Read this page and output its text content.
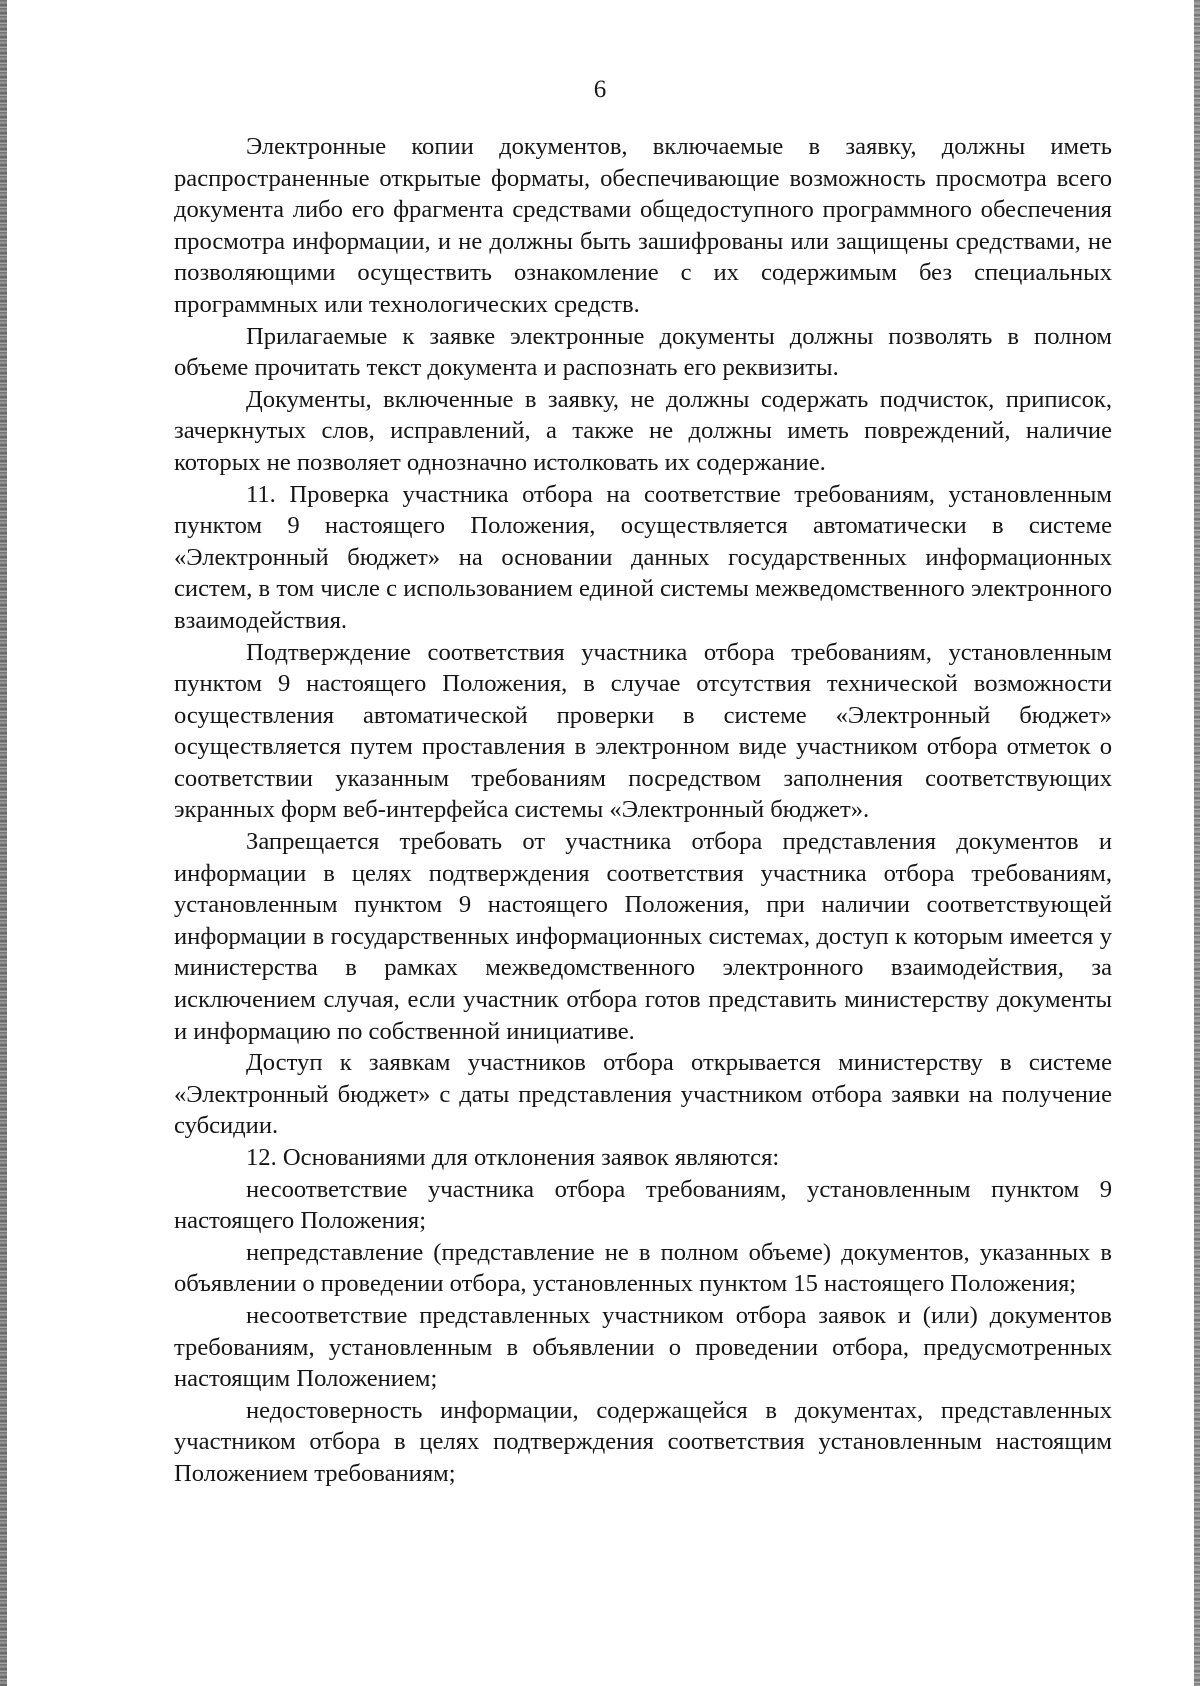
6

Электронные копии документов, включаемые в заявку, должны иметь распространенные открытые форматы, обеспечивающие возможность просмотра всего документа либо его фрагмента средствами общедоступного программного обеспечения просмотра информации, и не должны быть зашифрованы или защищены средствами, не позволяющими осуществить ознакомление с их содержимым без специальных программных или технологических средств.

Прилагаемые к заявке электронные документы должны позволять в полном объеме прочитать текст документа и распознать его реквизиты.

Документы, включенные в заявку, не должны содержать подчисток, приписок, зачеркнутых слов, исправлений, а также не должны иметь повреждений, наличие которых не позволяет однозначно истолковать их содержание.

11. Проверка участника отбора на соответствие требованиям, установленным пунктом 9 настоящего Положения, осуществляется автоматически в системе «Электронный бюджет» на основании данных государственных информационных систем, в том числе с использованием единой системы межведомственного электронного взаимодействия.

Подтверждение соответствия участника отбора требованиям, установленным пунктом 9 настоящего Положения, в случае отсутствия технической возможности осуществления автоматической проверки в системе «Электронный бюджет» осуществляется путем проставления в электронном виде участником отбора отметок о соответствии указанным требованиям посредством заполнения соответствующих экранных форм веб-интерфейса системы «Электронный бюджет».

Запрещается требовать от участника отбора представления документов и информации в целях подтверждения соответствия участника отбора требованиям, установленным пунктом 9 настоящего Положения, при наличии соответствующей информации в государственных информационных системах, доступ к которым имеется у министерства в рамках межведомственного электронного взаимодействия, за исключением случая, если участник отбора готов представить министерству документы и информацию по собственной инициативе.

Доступ к заявкам участников отбора открывается министерству в системе «Электронный бюджет» с даты представления участником отбора заявки на получение субсидии.

12. Основаниями для отклонения заявок являются:

несоответствие участника отбора требованиям, установленным пунктом 9 настоящего Положения;

непредставление (представление не в полном объеме) документов, указанных в объявлении о проведении отбора, установленных пунктом 15 настоящего Положения;

несоответствие представленных участником отбора заявок и (или) документов требованиям, установленным в объявлении о проведении отбора, предусмотренных настоящим Положением;

недостоверность информации, содержащейся в документах, представленных участником отбора в целях подтверждения соответствия установленным настоящим Положением требованиям;
